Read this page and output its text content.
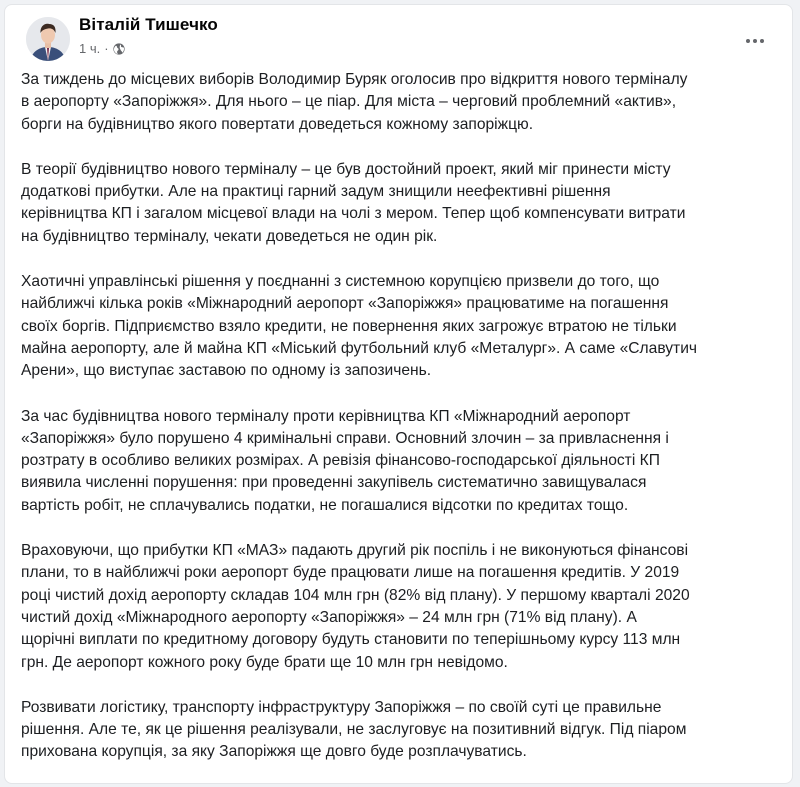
Віталій Тишечко
1 ч. ·

За тиждень до місцевих виборів Володимир Буряк оголосив про відкриття нового терміналу
в аеропорту «Запоріжжя». Для нього – це піар. Для міста – черговий проблемний «актив»,
борги на будівництво якого повертати доведеться кожному запоріжцю.

В теорії будівництво нового терміналу – це був достойний проект, який міг принести місту
додаткові прибутки. Але на практиці гарний задум знищили неефективні рішення
керівництва КП і загалом місцевої влади на чолі з мером. Тепер щоб компенсувати витрати
на будівництво терміналу, чекати доведеться не один рік.

Хаотичні управлінські рішення у поєднанні з системною корупцією призвели до того, що
найближчі кілька років «Міжнародний аеропорт «Запоріжжя» працюватиме на погашення
своїх боргів. Підприємство взяло кредити, не повернення яких загрожує втратою не тільки
майна аеропорту, але й майна КП «Міський футбольний клуб «Металург». А саме «Славутич
Арени», що виступає заставою по одному із запозичень.

За час будівництва нового терміналу проти керівництва КП «Міжнародний аеропорт
«Запоріжжя» було порушено 4 кримінальні справи. Основний злочин – за привласнення і
розтрату в особливо великих розмірах. А ревізія фінансово-господарської діяльності КП
виявила численні порушення: при проведенні закупівель систематично завищувалася
вартість робіт, не сплачувались податки, не погашалися відсотки по кредитах тощо.

Враховуючи, що прибутки КП «МАЗ» падають другий рік поспіль і не виконуються фінансові
плани, то в найближчі роки аеропорт буде працювати лише на погашення кредитів. У 2019
році чистий дохід аеропорту складав 104 млн грн (82% від плану). У першому кварталі 2020
чистий дохід «Міжнародного аеропорту «Запоріжжя» – 24 млн грн (71% від плану). А
щорічні виплати по кредитному договору будуть становити по теперішньому курсу 113 млн
грн. Де аеропорт кожного року буде брати ще 10 млн грн невідомо.

Розвивати логістику, транспорту інфраструктуру Запоріжжя – по своїй суті це правильне
рішення. Але те, як це рішення реалізували, не заслуговує на позитивний відгук. Під піаром
прихована корупція, за яку Запоріжжя ще довго буде розплачуватись.
